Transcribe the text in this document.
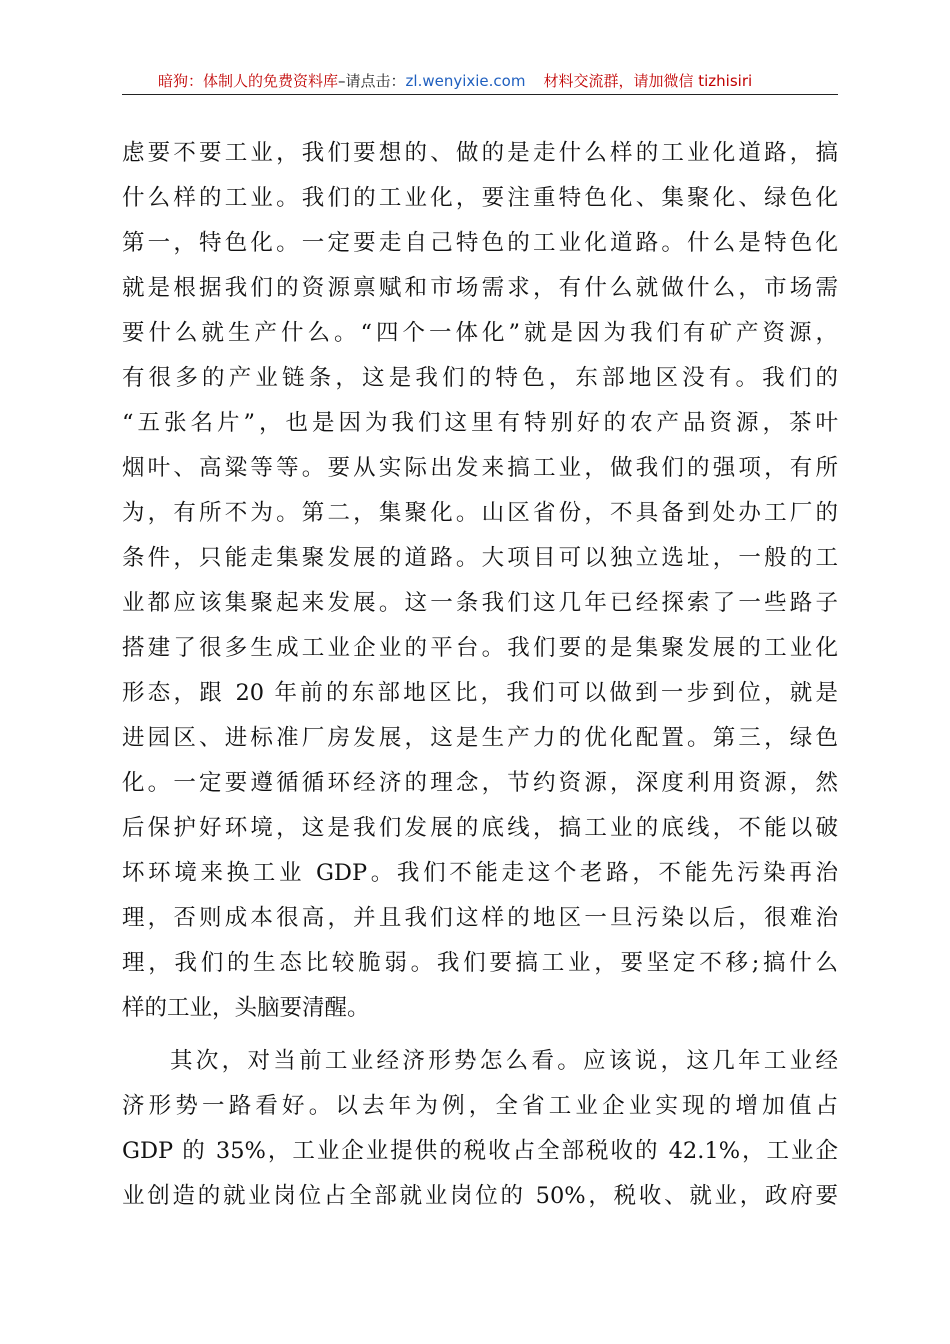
暗狗：体制人的免费资料库–请点击：zl.wenyixie.com 材料交流群，请加微信 tizhisiri
虑要不要工业，我们要想的、做的是走什么样的工业化道路，搞
什么样的工业。我们的工业化，要注重特色化、集聚化、绿色化
第一，特色化。一定要走自己特色的工业化道路。什么是特色化
就是根据我们的资源禀赋和市场需求，有什么就做什么，市场需
要什么就生产什么。“四个一体化”就是因为我们有矿产资源，
有很多的产业链条，这是我们的特色，东部地区没有。我们的
“五张名片”，也是因为我们这里有特别好的农产品资源，茶叶
烟叶、高粱等等。要从实际出发来搞工业，做我们的强项，有所
为，有所不为。第二，集聚化。山区省份，不具备到处办工厂的
条件，只能走集聚发展的道路。大项目可以独立选址，一般的工
业都应该集聚起来发展。这一条我们这几年已经探索了一些路子
搭建了很多生成工业企业的平台。我们要的是集聚发展的工业化
形态，跟 20 年前的东部地区比，我们可以做到一步到位，就是
进园区、进标准厂房发展，这是生产力的优化配置。第三，绿色
化。一定要遵循循环经济的理念，节约资源，深度利用资源，然
后保护好环境，这是我们发展的底线，搞工业的底线，不能以破
坏环境来换工业 GDP。我们不能走这个老路，不能先污染再治
理，否则成本很高，并且我们这样的地区一旦污染以后，很难治
理，我们的生态比较脆弱。我们要搞工业，要坚定不移;搞什么
样的工业，头脑要清醒。
其次，对当前工业经济形势怎么看。应该说，这几年工业经
济形势一路看好。以去年为例，全省工业企业实现的增加值占
GDP 的 35%，工业企业提供的税收占全部税收的 42.1%，工业企
业创造的就业岗位占全部就业岗位的 50%，税收、就业，政府要
